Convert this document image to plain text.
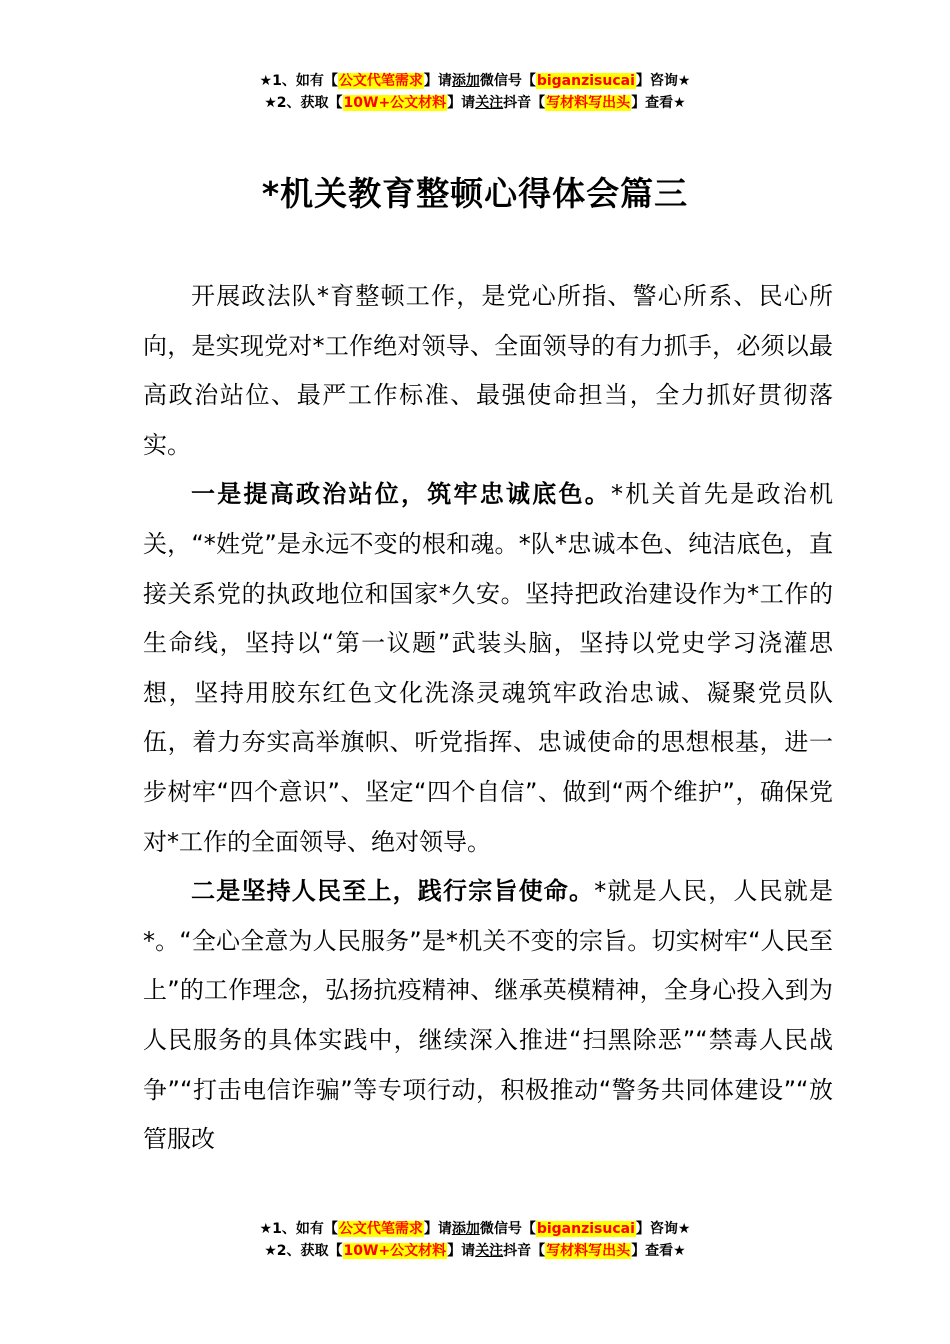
★1、如有【公文代笔需求】请添加微信号【biganzisucai】咨询★
★2、获取【10W+公文材料】请关注抖音【写材料写出头】查看★
*机关教育整顿心得体会篇三

开展政法队*育整顿工作，是党心所指、警心所系、民心所向，是实现党对*工作绝对领导、全面领导的有力抓手，必须以最高政治站位、最严工作标准、最强使命担当，全力抓好贯彻落实。

一是提高政治站位，筑牢忠诚底色。*机关首先是政治机关，“*姓党”是永远不变的根和魂。*队*忠诚本色、纯洁底色，直接关系党的执政地位和国家*久安。坚持把政治建设作为*工作的生命线，坚持以“第一议题”武装头脑，坚持以党史学习浇灌思想，坚持用胶东红色文化洗涤灵魂筑牢政治忠诚、凝聚党员队伍，着力夯实高举旗帜、听党指挥、忠诚使命的思想根基，进一步树牢“四个意识”、坚定“四个自信”、做到“两个维护”，确保党对*工作的全面领导、绝对领导。

二是坚持人民至上，践行宗旨使命。*就是人民，人民就是*。“全心全意为人民服务”是*机关不变的宗旨。切实树牢“人民至上”的工作理念，弘扬抗疫精神、继承英模精神，全身心投入到为人民服务的具体实践中，继续深入推进“扫黑除恶”“禁毒人民战争”“打击电信诈骗”等专项行动，积极推动“警务共同体建设”“放管服改

★1、如有【公文代笔需求】请添加微信号【biganzisucai】咨询★
★2、获取【10W+公文材料】请关注抖音【写材料写出头】查看★
